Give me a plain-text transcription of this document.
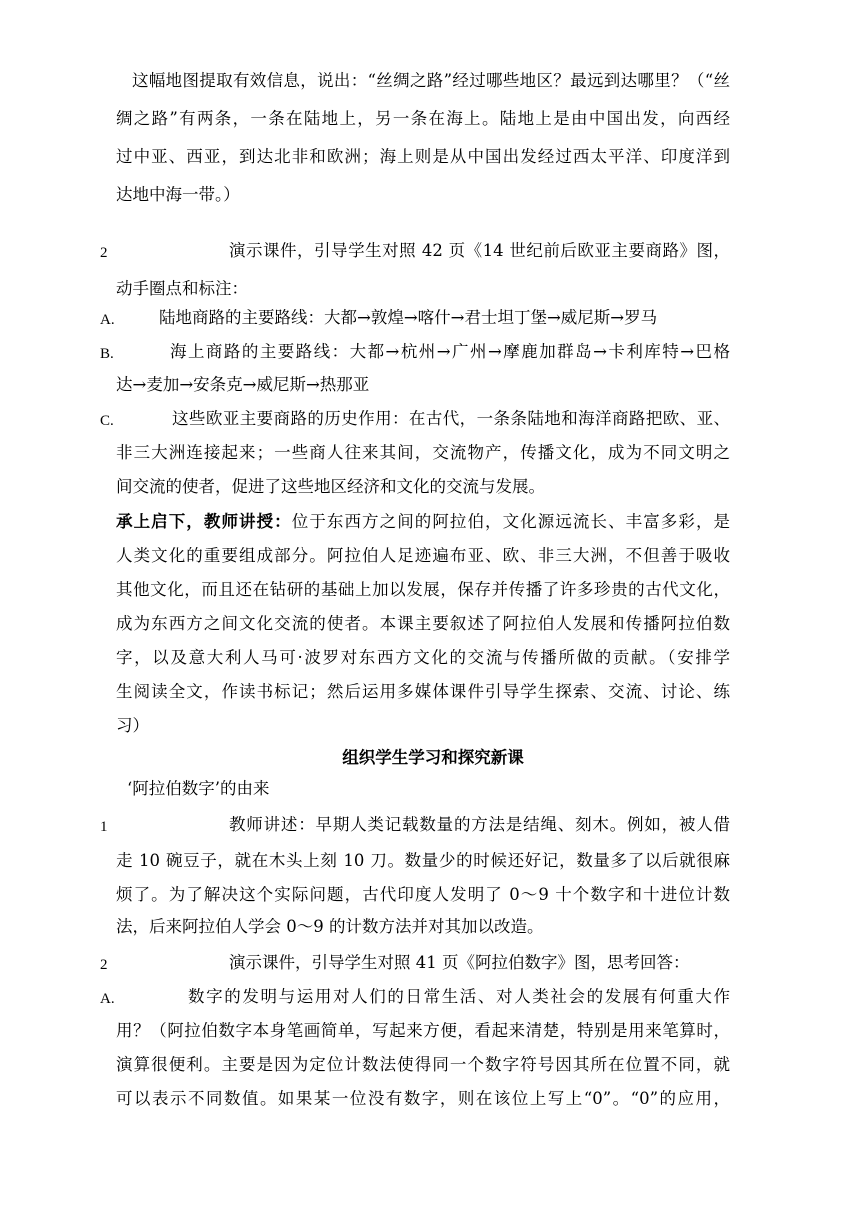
这幅地图提取有效信息，说出：“丝绸之路”经过哪些地区？最远到达哪里？（“丝
绸之路”有两条，一条在陆地上，另一条在海上。陆地上是由中国出发，向西经
过中亚、西亚，到达北非和欧洲；海上则是从中国出发经过西太平洋、印度洋到
达地中海一带。）
2	演示课件，引导学生对照 42 页《14 世纪前后欧亚主要商路》图，
动手圈点和标注：
A.	陆地商路的主要路线：大都→敦煌→喀什→君士坦丁堡→威尼斯→罗马
B.	海上商路的主要路线：大都→杭州→广州→摩鹿加群岛→卡利库特→巴格
达→麦加→安条克→威尼斯→热那亚
C.	这些欧亚主要商路的历史作用：在古代，一条条陆地和海洋商路把欧、亚、
非三大洲连接起来；一些商人往来其间，交流物产，传播文化，成为不同文明之
间交流的使者，促进了这些地区经济和文化的交流与发展。
承上启下，教师讲授：位于东西方之间的阿拉伯，文化源远流长、丰富多彩，是
人类文化的重要组成部分。阿拉伯人足迹遍布亚、欧、非三大洲，不但善于吸收
其他文化，而且还在钻研的基础上加以发展，保存并传播了许多珍贵的古代文化，
成为东西方之间文化交流的使者。本课主要叙述了阿拉伯人发展和传播阿拉伯数
字，以及意大利人马可·波罗对东西方文化的交流与传播所做的贡献。（安排学
生阅读全文，作读书标记；然后运用多媒体课件引导学生探索、交流、讨论、练
习）
组织学生学习和探究新课
‘阿拉伯数字’的由来
1	教师讲述：早期人类记载数量的方法是结绳、刻木。例如，被人借
走 10 碗豆子，就在木头上刻 10 刀。数量少的时候还好记，数量多了以后就很麻
烦了。为了解决这个实际问题，古代印度人发明了 0～9 十个数字和十进位计数
法，后来阿拉伯人学会 0～9 的计数方法并对其加以改造。
2	演示课件，引导学生对照 41 页《阿拉伯数字》图，思考回答：
A.	数字的发明与运用对人们的日常生活、对人类社会的发展有何重大作
用？（阿拉伯数字本身笔画简单，写起来方便，看起来清楚，特别是用来笔算时，
演算很便利。主要是因为定位计数法使得同一个数字符号因其所在位置不同，就
可以表示不同数值。如果某一位没有数字，则在该位上写上“0”。“0”的应用，
